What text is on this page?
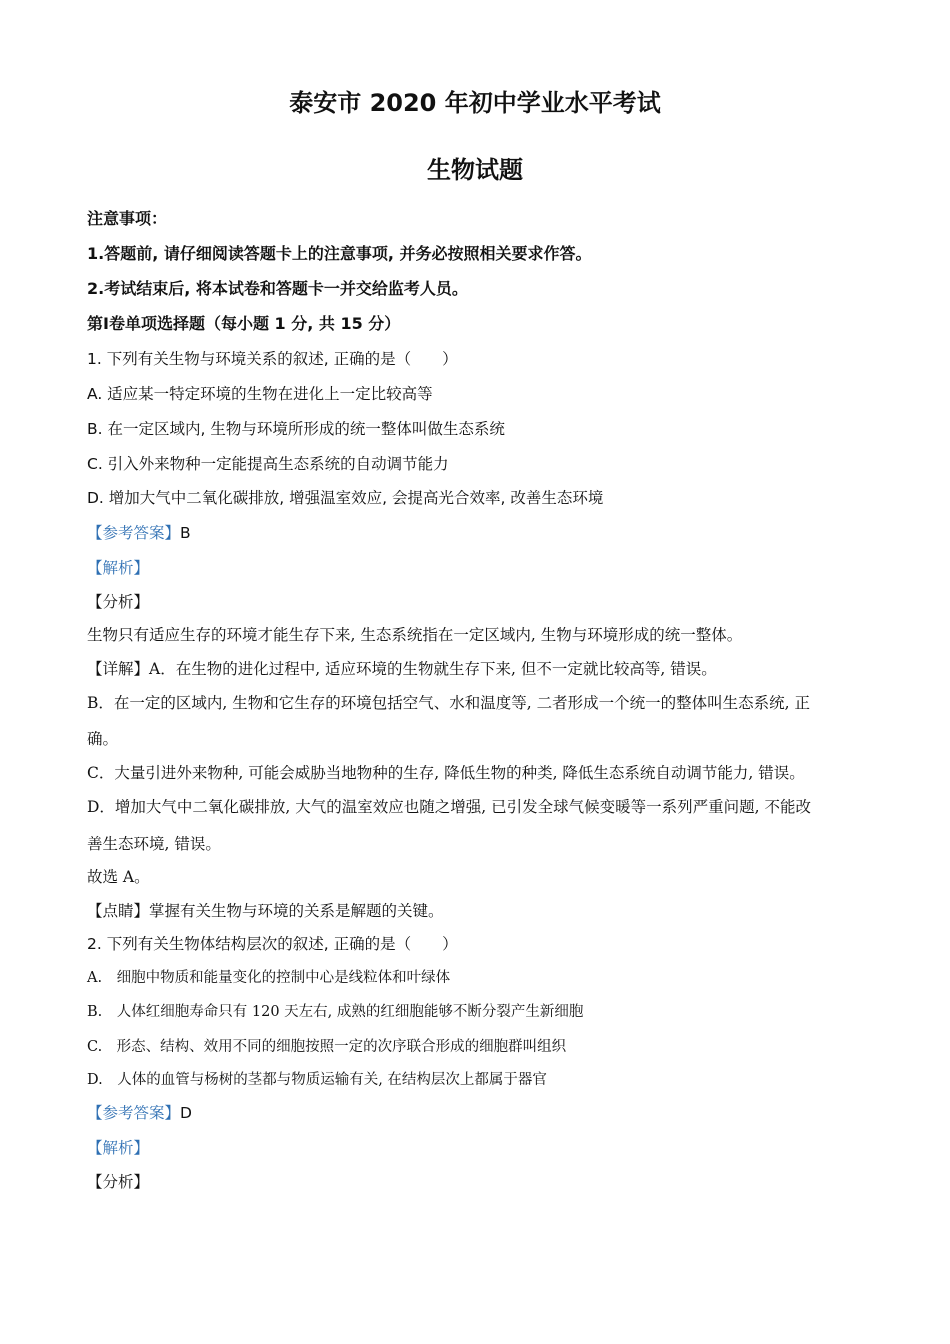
泰安市 2020 年初中学业水平考试
生物试题
注意事项：
1.答题前, 请仔细阅读答题卡上的注意事项, 并务必按照相关要求作答。
2.考试结束后, 将本试卷和答题卡一并交给监考人员。
第Ⅰ卷单项选择题（每小题 1 分, 共 15 分）
1. 下列有关生物与环境关系的叙述, 正确的是（　　）
A. 适应某一特定环境的生物在进化上一定比较高等
B. 在一定区域内, 生物与环境所形成的统一整体叫做生态系统
C. 引入外来物种一定能提高生态系统的自动调节能力
D. 增加大气中二氧化碳排放, 增强温室效应, 会提高光合效率, 改善生态环境
【参考答案】B
【解析】
【分析】
生物只有适应生存的环境才能生存下来, 生态系统指在一定区域内, 生物与环境形成的统一整体。
【详解】A．在生物的进化过程中, 适应环境的生物就生存下来, 但不一定就比较高等, 错误。
B．在一定的区域内, 生物和它生存的环境包括空气、水和温度等, 二者形成一个统一的整体叫生态系统, 正
确。
C．大量引进外来物种, 可能会威胁当地物种的生存, 降低生物的种类, 降低生态系统自动调节能力, 错误。
D．增加大气中二氧化碳排放, 大气的温室效应也随之增强, 已引发全球气候变暖等一系列严重问题, 不能改
善生态环境, 错误。
故选 A。
【点睛】掌握有关生物与环境的关系是解题的关键。
2. 下列有关生物体结构层次的叙述, 正确的是（　　）
A.　细胞中物质和能量变化的控制中心是线粒体和叶绿体
B.　人体红细胞寿命只有 120 天左右, 成熟的红细胞能够不断分裂产生新细胞
C.　形态、结构、效用不同的细胞按照一定的次序联合形成的细胞群叫组织
D.　人体的血管与杨树的茎都与物质运输有关, 在结构层次上都属于器官
【参考答案】D
【解析】
【分析】
